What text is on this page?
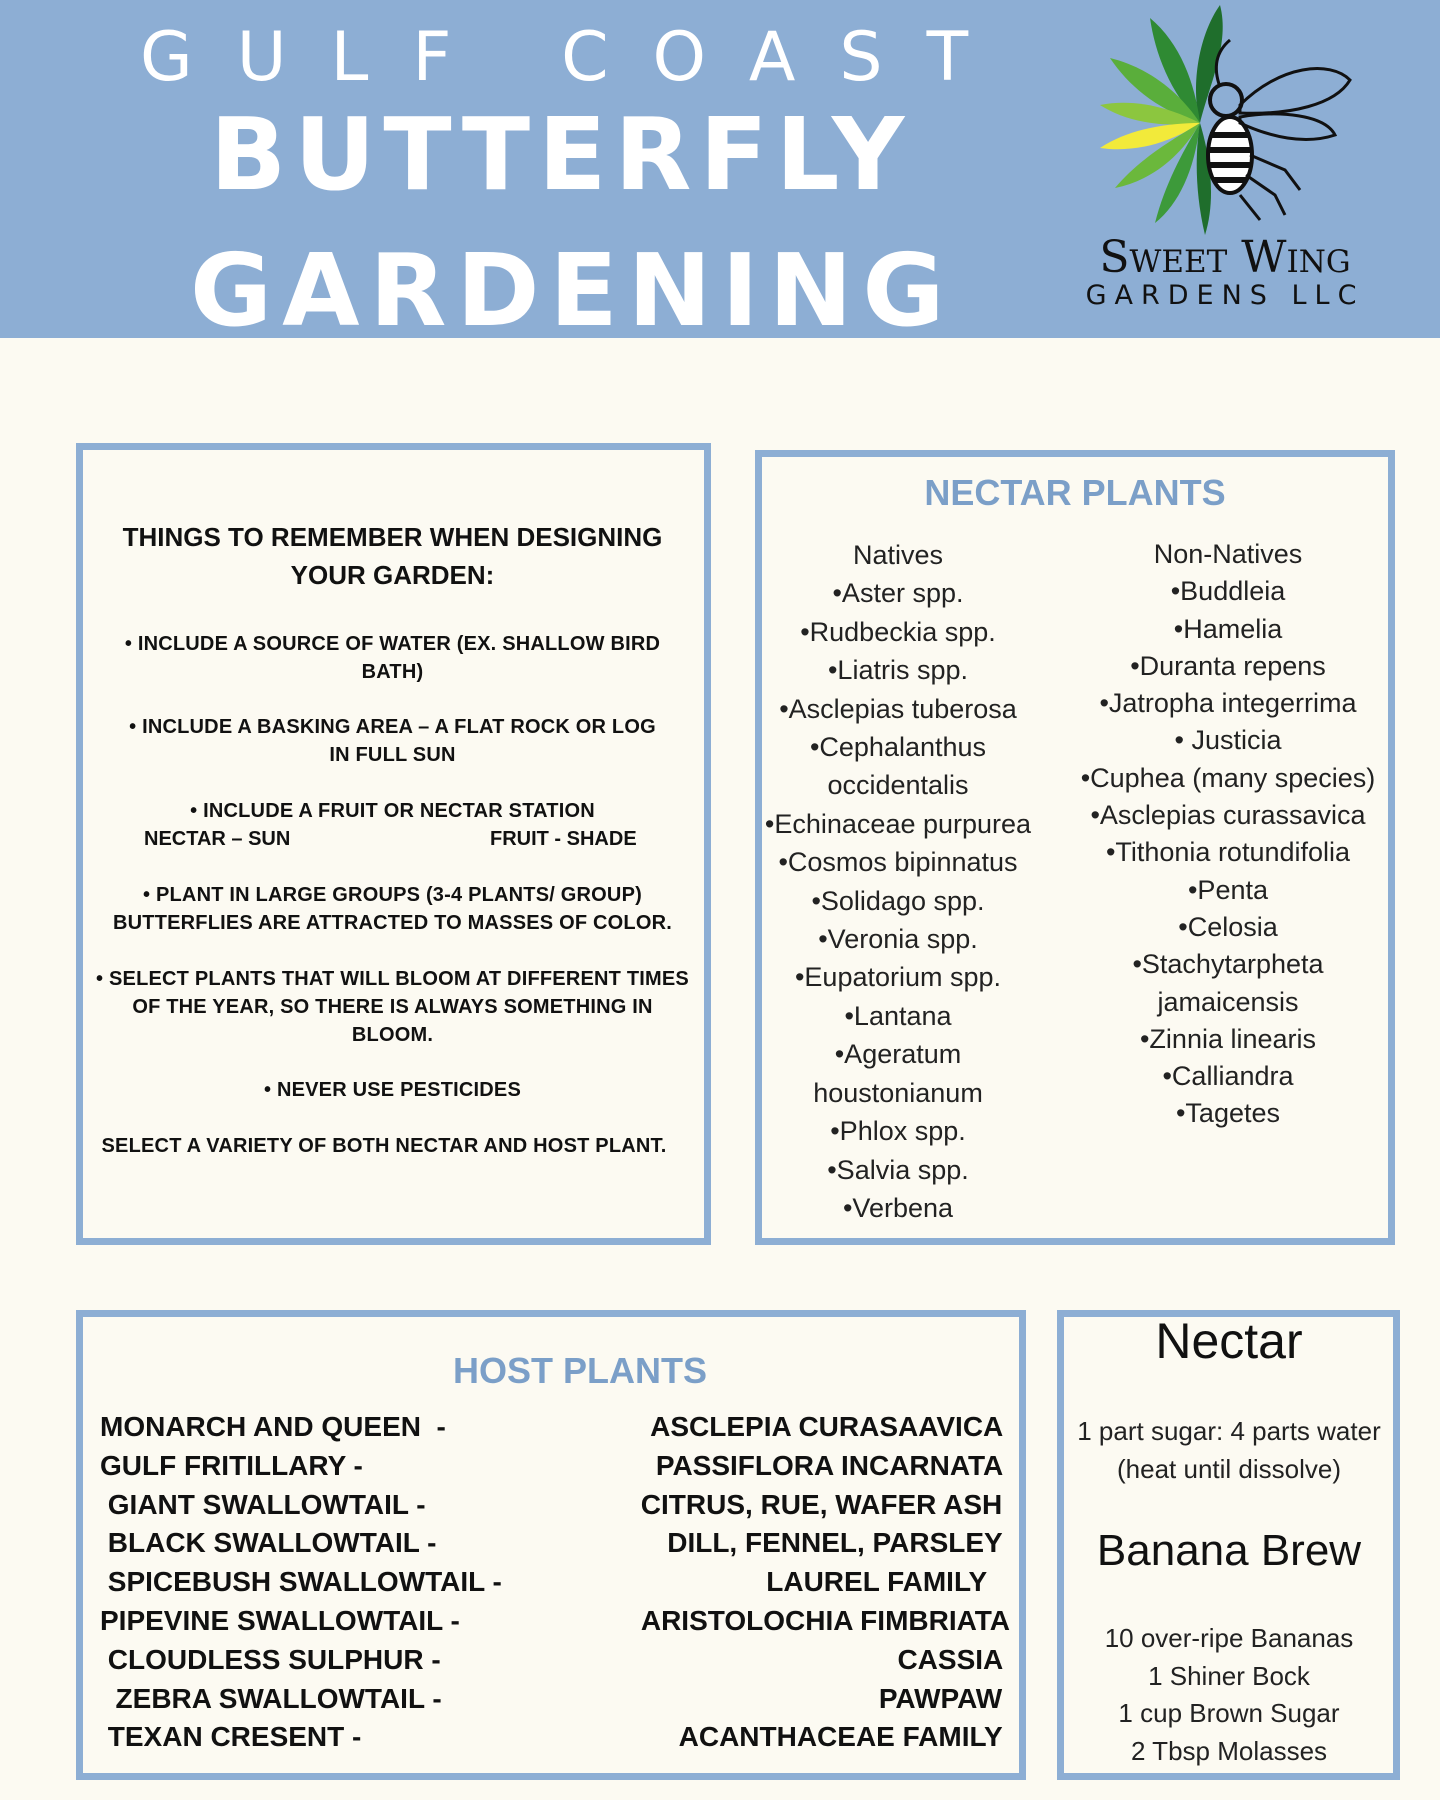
GULF COAST
BUTTERFLY
GARDENING	Sweet Wing
GARDENS LLC
THINGS TO REMEMBER WHEN DESIGNING YOUR GARDEN:
• INCLUDE A SOURCE OF WATER (EX. SHALLOW BIRD BATH)
• INCLUDE A BASKING AREA – A FLAT ROCK OR LOG IN FULL SUN
• INCLUDE A FRUIT OR NECTAR STATION
NECTAR – SUN	FRUIT - SHADE
• PLANT IN LARGE GROUPS (3-4 PLANTS/ GROUP) BUTTERFLIES ARE ATTRACTED TO MASSES OF COLOR.
• SELECT PLANTS THAT WILL BLOOM AT DIFFERENT TIMES OF THE YEAR, SO THERE IS ALWAYS SOMETHING IN BLOOM.
• NEVER USE PESTICIDES
SELECT A VARIETY OF BOTH NECTAR AND HOST PLANT.
NECTAR PLANTS
Natives
•Aster spp.
•Rudbeckia spp.
•Liatris spp.
•Asclepias tuberosa
•Cephalanthus
occidentalis
•Echinaceae purpurea
•Cosmos bipinnatus
•Solidago spp.
•Veronia spp.
•Eupatorium spp.
•Lantana
•Ageratum
houstonianum
•Phlox spp.
•Salvia spp.
•Verbena
Non-Natives
•Buddleia
•Hamelia
•Duranta repens
•Jatropha integerrima
• Justicia
•Cuphea (many species)
•Asclepias curassavica
•Tithonia rotundifolia
•Penta
•Celosia
•Stachytarpheta
jamaicensis
•Zinnia linearis
•Calliandra
•Tagetes
HOST PLANTS
MONARCH AND QUEEN  -
GULF FRITILLARY -
GIANT SWALLOWTAIL -
BLACK SWALLOWTAIL -
SPICEBUSH SWALLOWTAIL -
PIPEVINE SWALLOWTAIL -
CLOUDLESS SULPHUR -
ZEBRA SWALLOWTAIL -
TEXAN CRESENT -
ASCLEPIA CURASAAVICA
PASSIFLORA INCARNATA
CITRUS, RUE, WAFER ASH
DILL, FENNEL, PARSLEY
LAUREL FAMILY
ARISTOLOCHIA FIMBRIATA
CASSIA
PAWPAW
ACANTHACEAE FAMILY
Nectar
1 part sugar: 4 parts water
(heat until dissolve)
Banana Brew
10 over-ripe Bananas
1 Shiner Bock
1 cup Brown Sugar
2 Tbsp Molasses
